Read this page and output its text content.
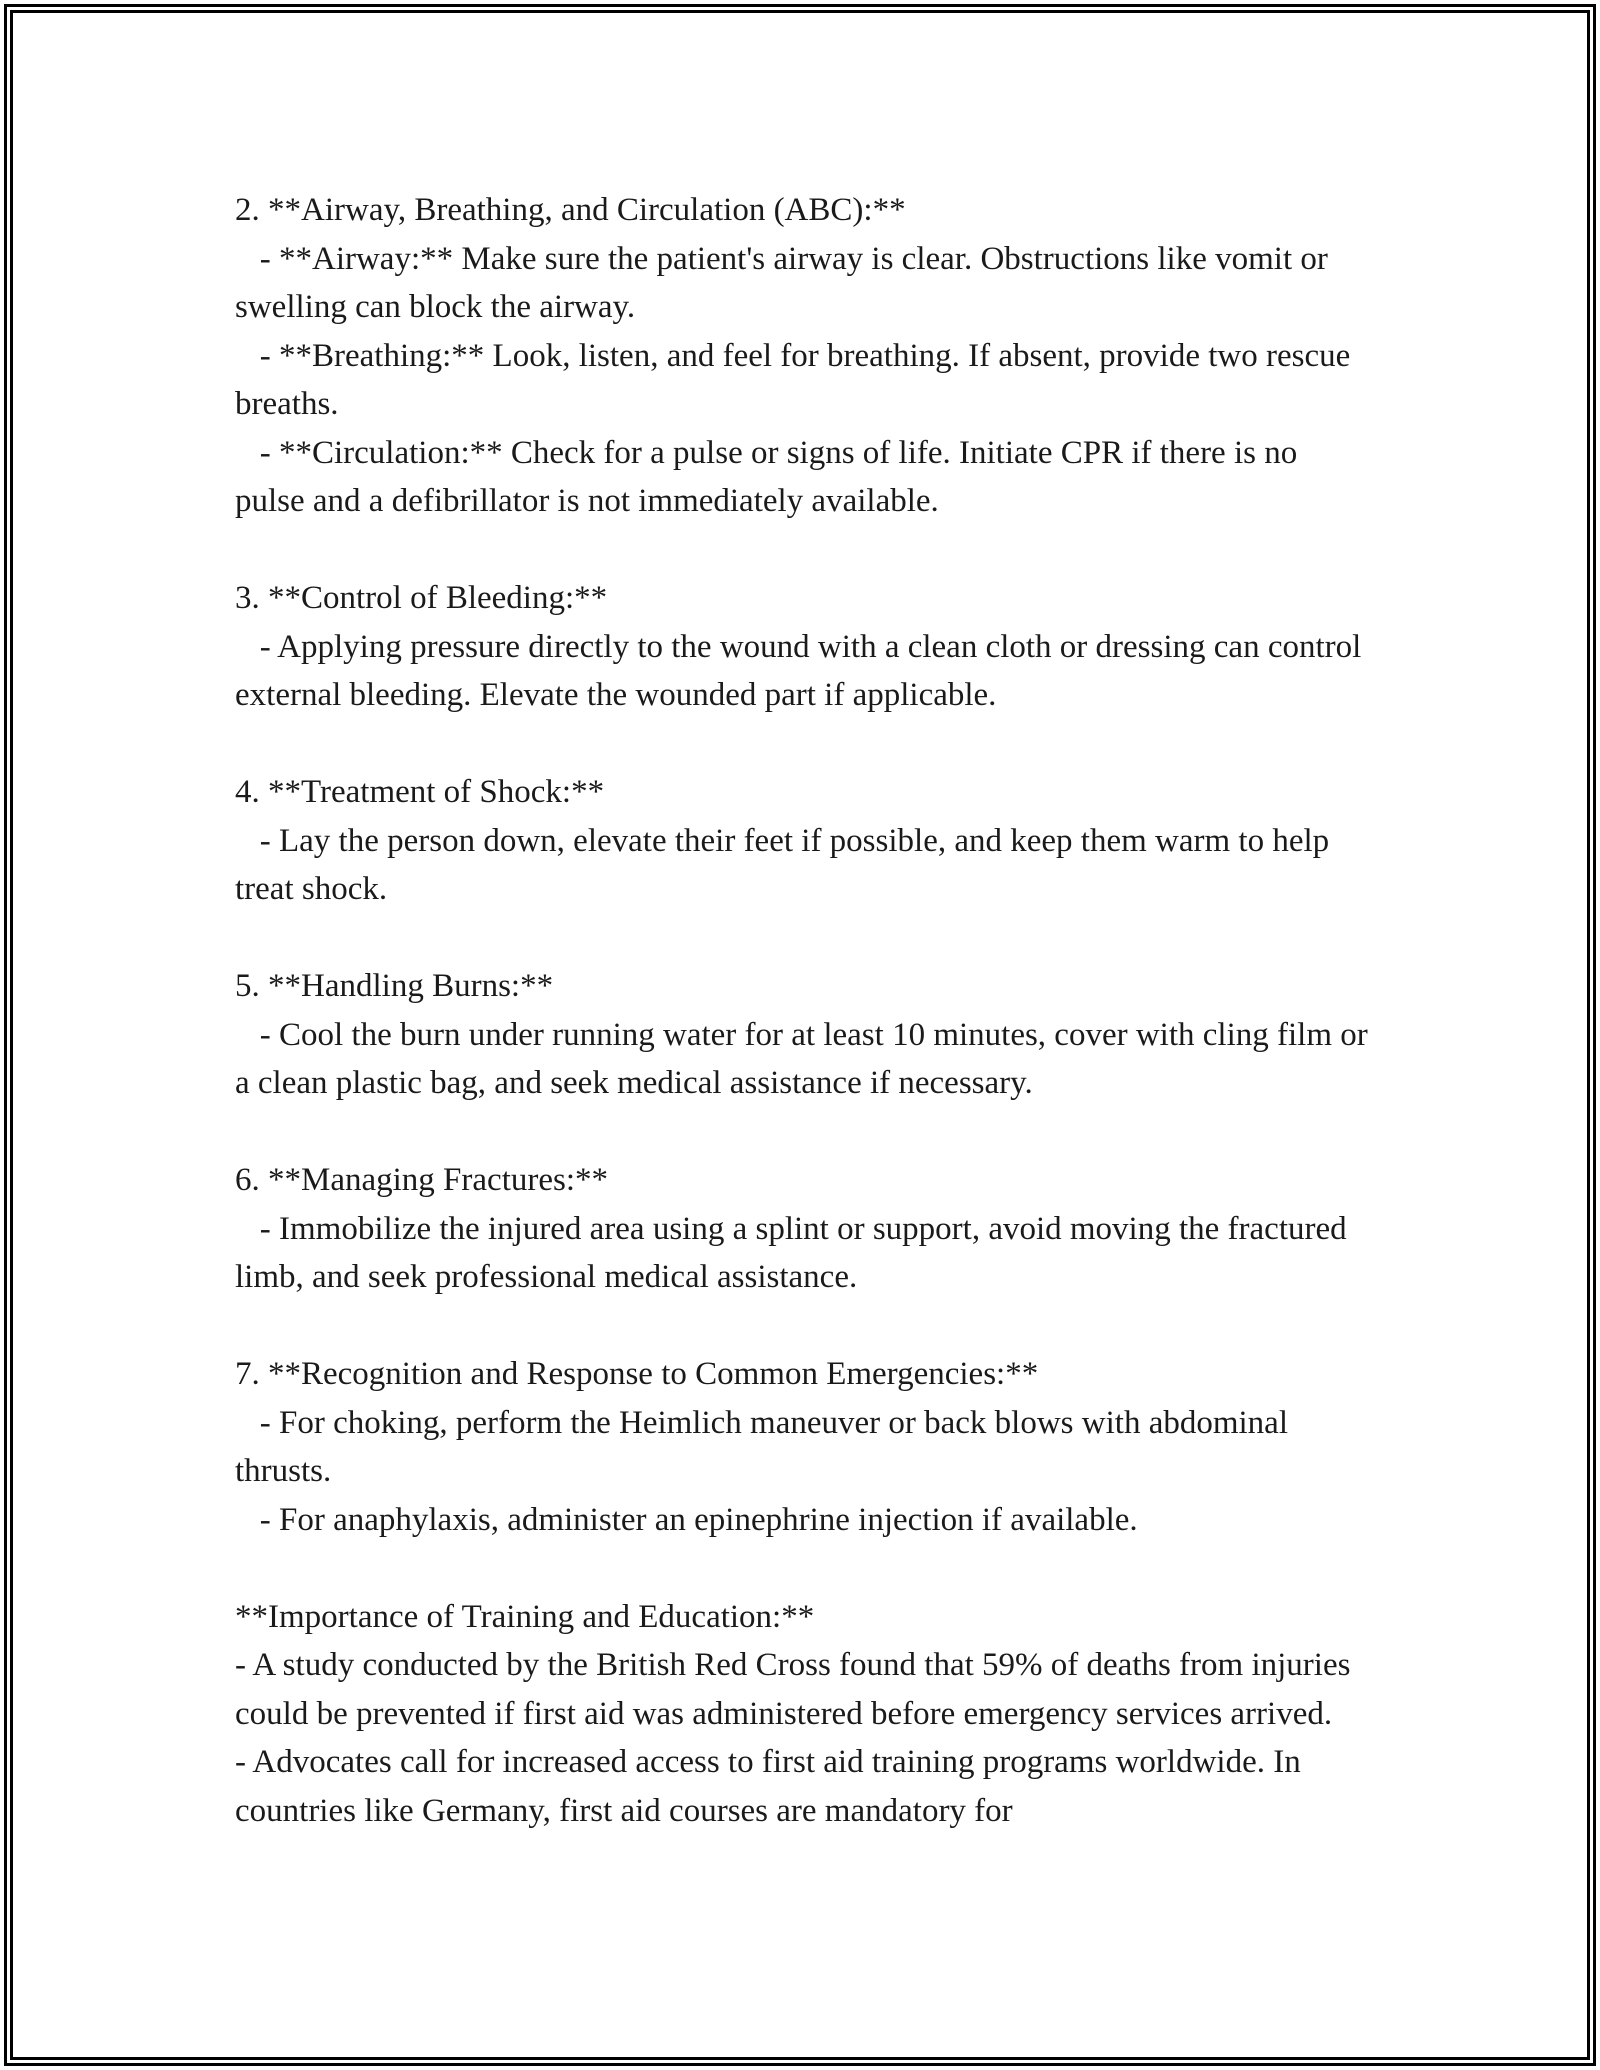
2. **Airway, Breathing, and Circulation (ABC):**

- **Airway:** Make sure the patient's airway is clear. Obstructions like vomit or swelling can block the airway.

- **Breathing:** Look, listen, and feel for breathing. If absent, provide two rescue breaths.

- **Circulation:** Check for a pulse or signs of life. Initiate CPR if there is no pulse and a defibrillator is not immediately available.

3. **Control of Bleeding:**

- Applying pressure directly to the wound with a clean cloth or dressing can control external bleeding. Elevate the wounded part if applicable.

4. **Treatment of Shock:**

- Lay the person down, elevate their feet if possible, and keep them warm to help treat shock.

5. **Handling Burns:**

- Cool the burn under running water for at least 10 minutes, cover with cling film or a clean plastic bag, and seek medical assistance if necessary.

6. **Managing Fractures:**

- Immobilize the injured area using a splint or support, avoid moving the fractured limb, and seek professional medical assistance.

7. **Recognition and Response to Common Emergencies:**

- For choking, perform the Heimlich maneuver or back blows with abdominal thrusts.

- For anaphylaxis, administer an epinephrine injection if available.

**Importance of Training and Education:**

- A study conducted by the British Red Cross found that 59% of deaths from injuries could be prevented if first aid was administered before emergency services arrived.

- Advocates call for increased access to first aid training programs worldwide. In countries like Germany, first aid courses are mandatory for
